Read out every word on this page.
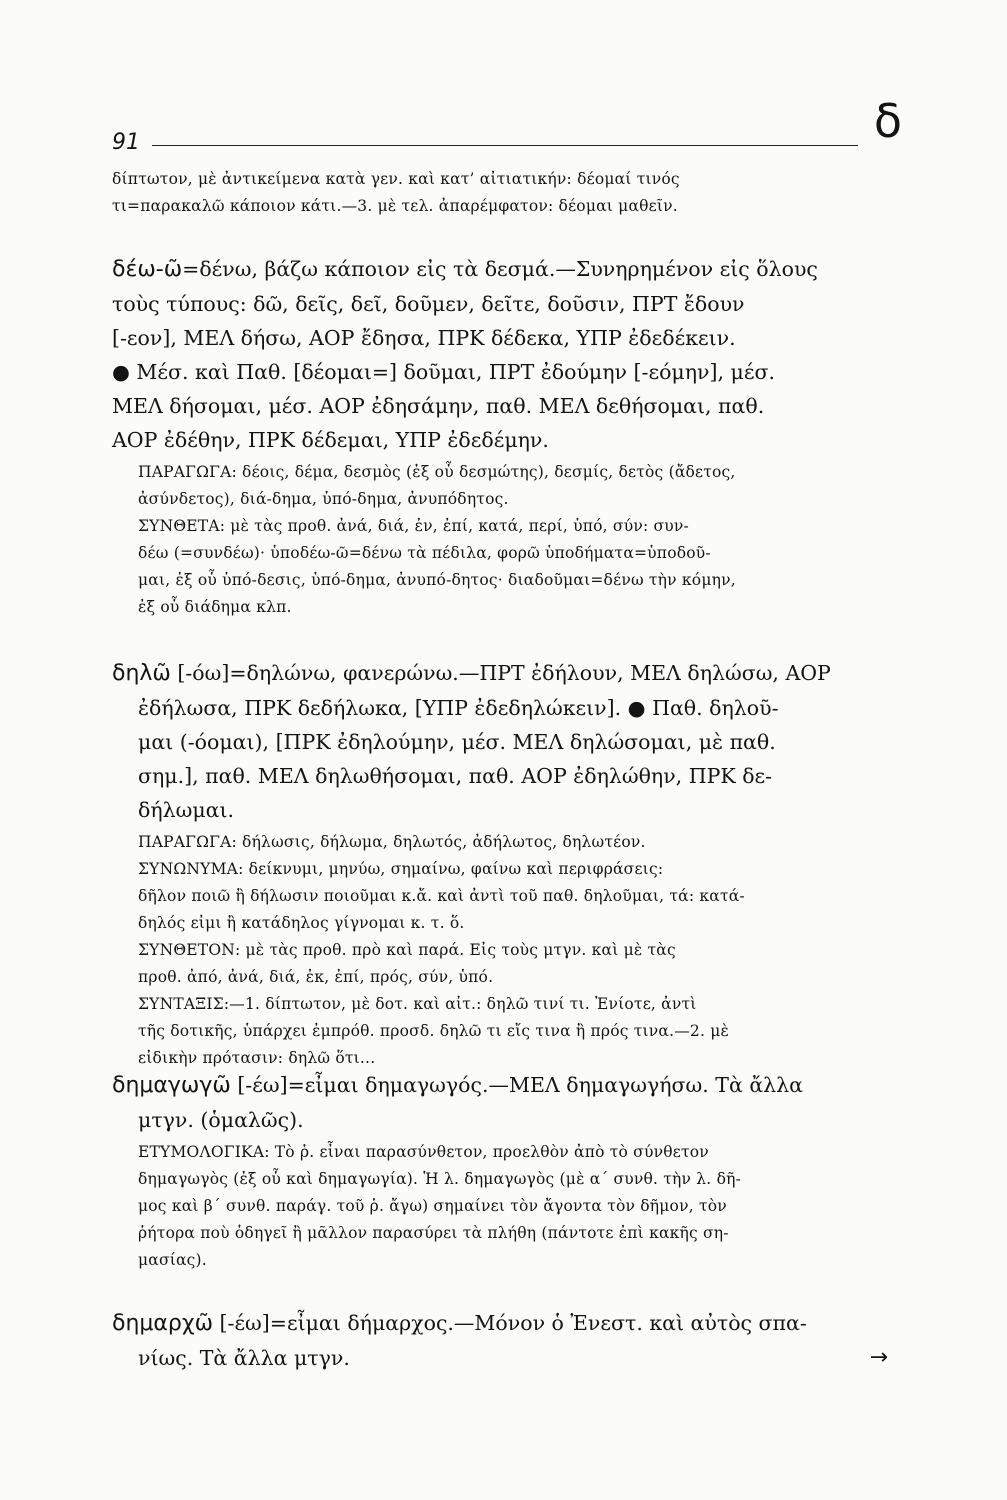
91	δ

δίπτωτον, μὲ ἀντικείμενα κατὰ γεν. καὶ κατ’ αἰτιατικήν: δέομαί τινός

τι=παρακαλῶ κάποιον κάτι.—3. μὲ τελ. ἀπαρέμφατον: δέομαι μαθεῖν.

δέω-ῶ=δένω, βάζω κάποιον εἰς τὰ δεσμά.—Συνηρημένον εἰς ὅλους

τοὺς τύπους: δῶ, δεῖς, δεῖ, δοῦμεν, δεῖτε, δοῦσιν, ΠΡΤ ἔδουν

[-εον], ΜΕΛ δήσω, ΑΟΡ ἔδησα, ΠΡΚ δέδεκα, ΥΠΡ ἐδεδέκειν.

● Μέσ. καὶ Παθ. [δέομαι=] δοῦμαι, ΠΡΤ ἐδούμην [-εόμην], μέσ.

ΜΕΛ δήσομαι, μέσ. ΑΟΡ ἐδησάμην, παθ. ΜΕΛ δεθήσομαι, παθ.

ΑΟΡ ἐδέθην, ΠΡΚ δέδεμαι, ΥΠΡ ἐδεδέμην.

ΠΑΡΑΓΩΓΑ: δέοις, δέμα, δεσμὸς (ἐξ οὗ δεσμώτης), δεσμίς, δετὸς (ἄδετος,

ἀσύνδετος), διά-δημα, ὑπό-δημα, ἀνυπόδητος.

ΣΥΝΘΕΤΑ: μὲ τὰς προθ. ἀνά, διά, ἐν, ἐπί, κατά, περί, ὑπό, σύν: συν-

δέω (=συνδέω)· ὑποδέω-ῶ=δένω τὰ πέδιλα, φορῶ ὑποδήματα=ὑποδοῦ-

μαι, ἐξ οὗ ὑπό-δεσις, ὑπό-δημα, ἀνυπό-δητος· διαδοῦμαι=δένω τὴν κόμην,

ἐξ οὗ διάδημα κλπ.

δηλῶ [-όω]=δηλώνω, φανερώνω.—ΠΡΤ ἐδήλουν, ΜΕΛ δηλώσω, ΑΟΡ

ἐδήλωσα, ΠΡΚ δεδήλωκα, [ΥΠΡ ἐδεδηλώκειν]. ● Παθ. δηλοῦ-

μαι (-όομαι), [ΠΡΚ ἐδηλούμην, μέσ. ΜΕΛ δηλώσομαι, μὲ παθ.

σημ.], παθ. ΜΕΛ δηλωθήσομαι, παθ. ΑΟΡ ἐδηλώθην, ΠΡΚ δε-

δήλωμαι.

ΠΑΡΑΓΩΓΑ: δήλωσις, δήλωμα, δηλωτός, ἀδήλωτος, δηλωτέον.

ΣΥΝΩΝΥΜΑ: δείκνυμι, μηνύω, σημαίνω, φαίνω καὶ περιφράσεις:

δῆλον ποιῶ ἢ δήλωσιν ποιοῦμαι κ.ἄ. καὶ ἀντὶ τοῦ παθ. δηλοῦμαι, τά: κατά-

δηλός εἰμι ἢ κατάδηλος γίγνομαι κ. τ. ὅ.

ΣΥΝΘΕΤΟΝ: μὲ τὰς προθ. πρὸ καὶ παρά. Εἰς τοὺς μτγν. καὶ μὲ τὰς

προθ. ἀπό, ἀνά, διά, ἐκ, ἐπί, πρός, σύν, ὑπό.

ΣΥΝΤΑΞΙΣ:—1. δίπτωτον, μὲ δοτ. καὶ αἰτ.: δηλῶ τινί τι. Ἐνίοτε, ἀντὶ

τῆς δοτικῆς, ὑπάρχει ἐμπρόθ. προσδ. δηλῶ τι εἴς τινα ἢ πρός τινα.—2. μὲ

εἰδικὴν πρότασιν: δηλῶ ὅτι...

δημαγωγῶ [-έω]=εἶμαι δημαγωγός.—ΜΕΛ δημαγωγήσω. Τὰ ἄλλα

μτγν. (ὁμαλῶς).

ΕΤΥΜΟΛΟΓΙΚΑ: Τὸ ῥ. εἶναι παρασύνθετον, προελθὸν ἀπὸ τὸ σύνθετον

δημαγωγὸς (ἐξ οὗ καὶ δημαγωγία). Ἡ λ. δημαγωγὸς (μὲ α΄ συνθ. τὴν λ. δῆ-

μος καὶ β΄ συνθ. παράγ. τοῦ ῥ. ἄγω) σημαίνει τὸν ἄγοντα τὸν δῆμον, τὸν

ῥήτορα ποὺ ὁδηγεῖ ἢ μᾶλλον παρασύρει τὰ πλήθη (πάντοτε ἐπὶ κακῆς ση-

μασίας).

δημαρχῶ [-έω]=εἶμαι δήμαρχος.—Μόνον ὁ Ἐνεστ. καὶ αὐτὸς σπα-

νίως. Τὰ ἄλλα μτγν.	→
